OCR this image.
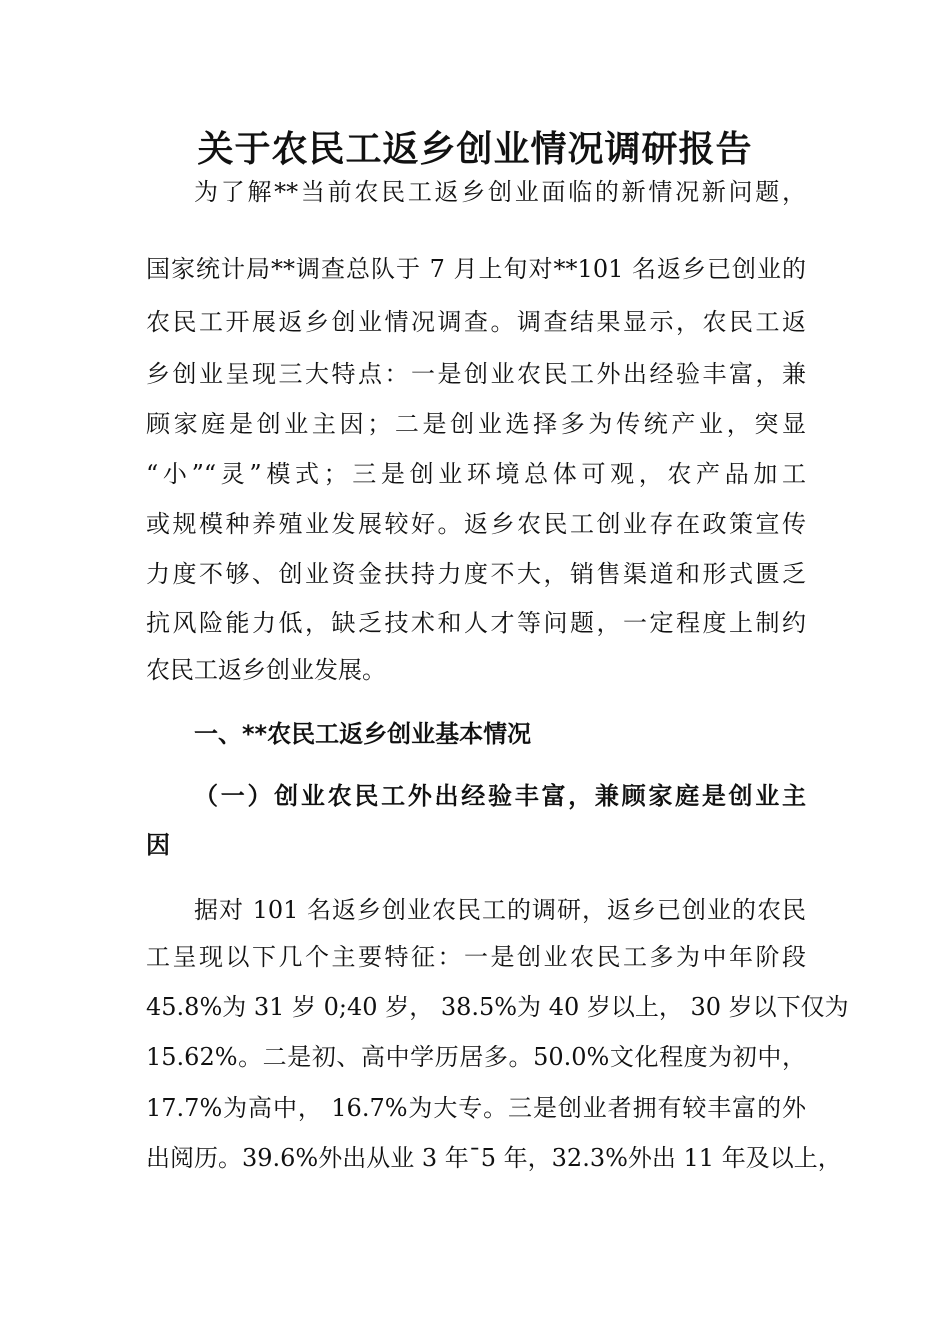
关于农民工返乡创业情况调研报告
为了解**当前农民工返乡创业面临的新情况新问题，
国家统计局**调查总队于 7 月上旬对**101 名返乡已创业的
农民工开展返乡创业情况调查。调查结果显示，农民工返
乡创业呈现三大特点：一是创业农民工外出经验丰富，兼
顾家庭是创业主因；二是创业选择多为传统产业，突显
“小”“灵”模式；三是创业环境总体可观，农产品加工
或规模种养殖业发展较好。返乡农民工创业存在政策宣传
力度不够、创业资金扶持力度不大，销售渠道和形式匮乏
抗风险能力低，缺乏技术和人才等问题，一定程度上制约
农民工返乡创业发展。
一、**农民工返乡创业基本情况
（一）创业农民工外出经验丰富，兼顾家庭是创业主
因
据对 101 名返乡创业农民工的调研，返乡已创业的农民
工呈现以下几个主要特征：一是创业农民工多为中年阶段
45.8%为 31 岁 0;40 岁， 38.5%为 40 岁以上， 30 岁以下仅为
15.62%。二是初、高中学历居多。50.0%文化程度为初中，
17.7%为高中， 16.7%为大专。三是创业者拥有较丰富的外
出阅历。39.6%外出从业 3 年¯5 年，32.3%外出 11 年及以上，
